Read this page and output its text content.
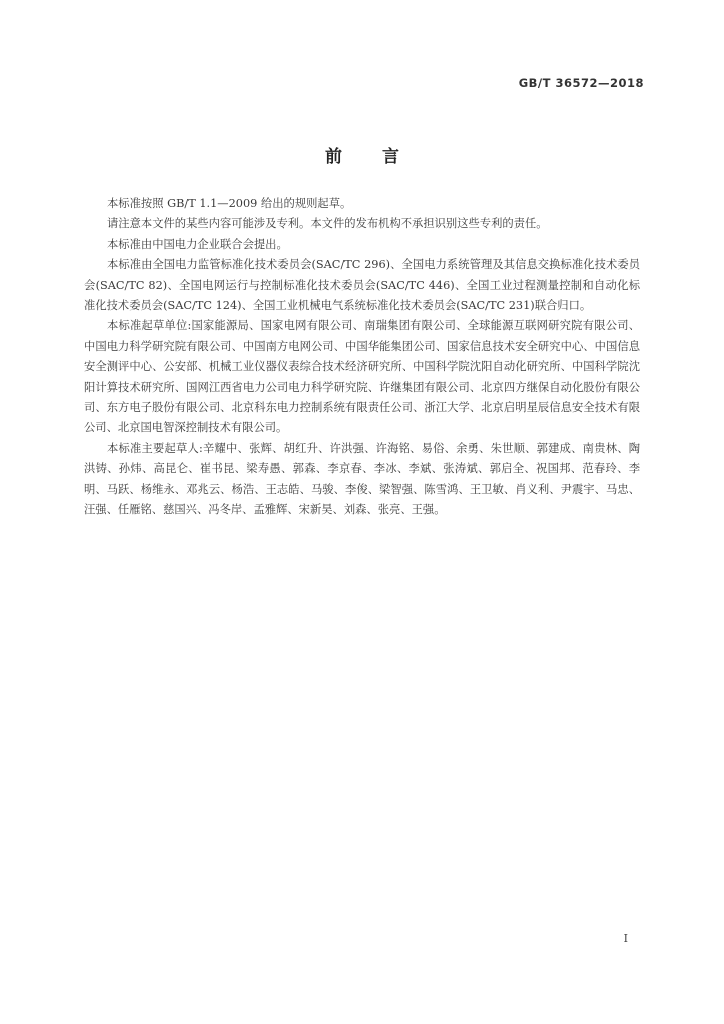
GB/T 36572—2018
前言

本标准按照 GB/T 1.1—2009 给出的规则起草。

请注意本文件的某些内容可能涉及专利。本文件的发布机构不承担识别这些专利的责任。

本标准由中国电力企业联合会提出。

本标准由全国电力监管标准化技术委员会(SAC/TC 296)、全国电力系统管理及其信息交换标准化技术委员会(SAC/TC 82)、全国电网运行与控制标准化技术委员会(SAC/TC 446)、全国工业过程测量控制和自动化标准化技术委员会(SAC/TC 124)、全国工业机械电气系统标准化技术委员会(SAC/TC 231)联合归口。

本标准起草单位:国家能源局、国家电网有限公司、南瑞集团有限公司、全球能源互联网研究院有限公司、中国电力科学研究院有限公司、中国南方电网公司、中国华能集团公司、国家信息技术安全研究中心、中国信息安全测评中心、公安部、机械工业仪器仪表综合技术经济研究所、中国科学院沈阳自动化研究所、中国科学院沈阳计算技术研究所、国网江西省电力公司电力科学研究院、许继集团有限公司、北京四方继保自动化股份有限公司、东方电子股份有限公司、北京科东电力控制系统有限责任公司、浙江大学、北京启明星辰信息安全技术有限公司、北京国电智深控制技术有限公司。

本标准主要起草人:辛耀中、张辉、胡红升、许洪强、许海铭、易俗、余勇、朱世顺、郭建成、南贵林、陶洪铸、孙炜、高昆仑、崔书昆、梁寿愚、郭森、李京春、李冰、李斌、张涛斌、郭启全、祝国邦、范春玲、李明、马跃、杨维永、邓兆云、杨浩、王志皓、马骏、李俊、梁智强、陈雪鸿、王卫敏、肖义利、尹震宇、马忠、汪强、任雁铭、慈国兴、冯冬岸、孟雅辉、宋新昊、刘森、张亮、王强。

I
